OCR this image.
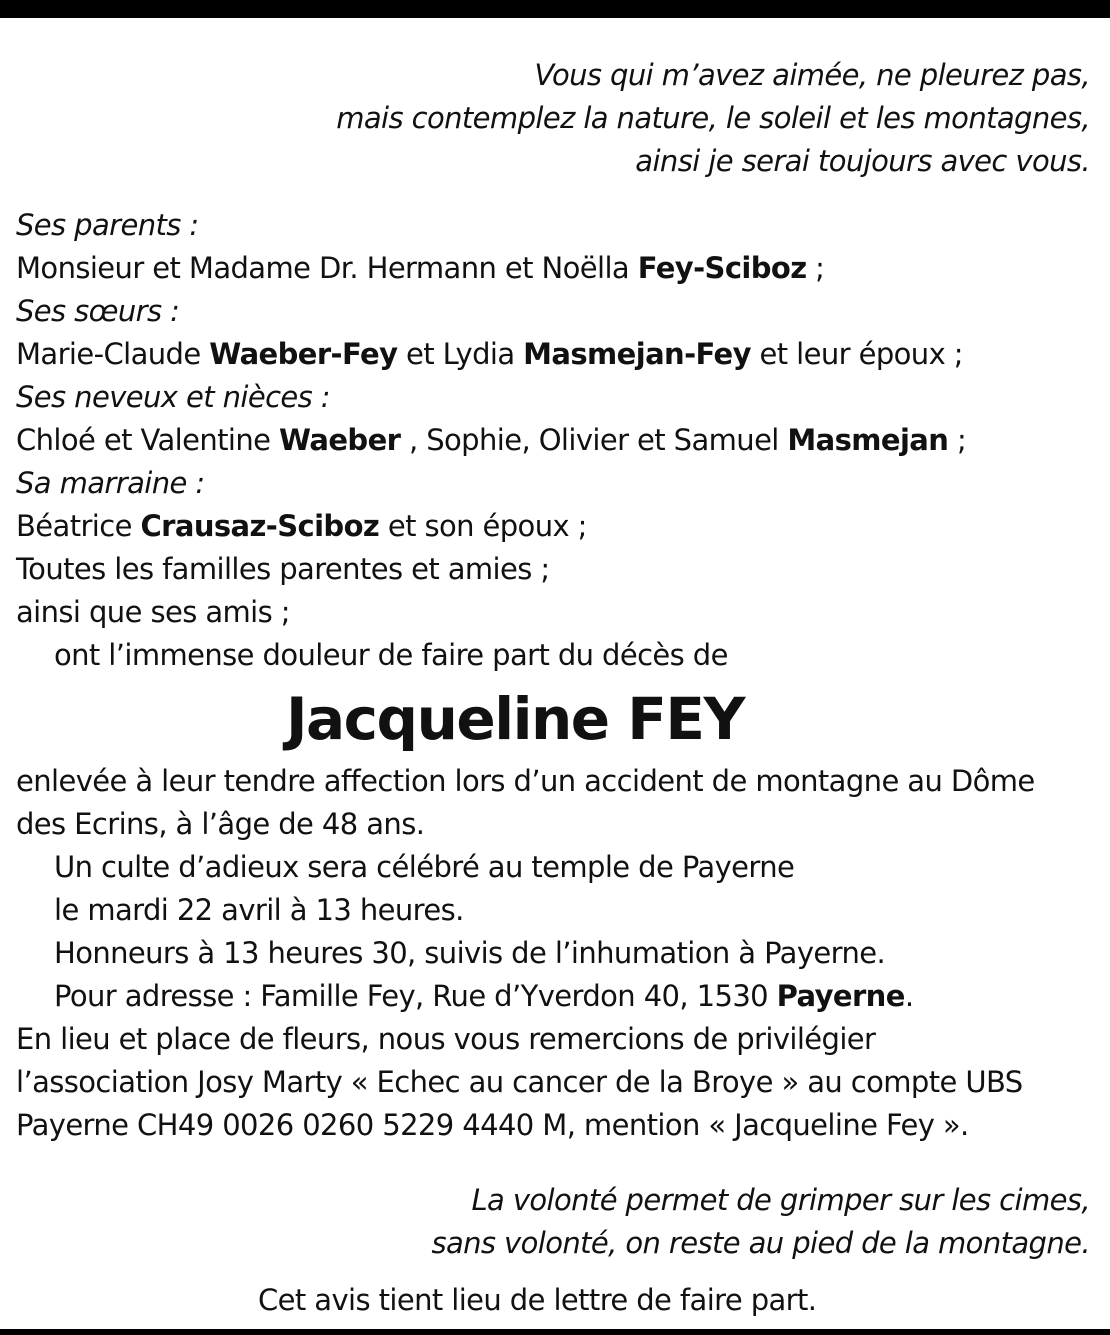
Vous qui m’avez aimée, ne pleurez pas,
mais contemplez la nature, le soleil et les montagnes,
ainsi je serai toujours avec vous.
Ses parents :
Monsieur et Madame Dr. Hermann et Noëlla Fey-Sciboz ;
Ses sœurs :
Marie-Claude Waeber-Fey et Lydia Masmejan-Fey et leur époux ;
Ses neveux et nièces :
Chloé et Valentine Waeber , Sophie, Olivier et Samuel Masmejan ;
Sa marraine :
Béatrice Crausaz-Sciboz et son époux ;
Toutes les familles parentes et amies ;
ainsi que ses amis ;
ont l’immense douleur de faire part du décès de
Jacqueline FEY
enlevée à leur tendre affection lors d’un accident de montagne au Dôme
des Ecrins, à l’âge de 48 ans.
Un culte d’adieux sera célébré au temple de Payerne
le mardi 22 avril à 13 heures.
Honneurs à 13 heures 30, suivis de l’inhumation à Payerne.
Pour adresse : Famille Fey, Rue d’Yverdon 40, 1530 Payerne.
En lieu et place de fleurs, nous vous remercions de privilégier
l’association Josy Marty « Echec au cancer de la Broye » au compte UBS
Payerne CH49 0026 0260 5229 4440 M, mention « Jacqueline Fey ».
La volonté permet de grimper sur les cimes,
sans volonté, on reste au pied de la montagne.
Cet avis tient lieu de lettre de faire part.
